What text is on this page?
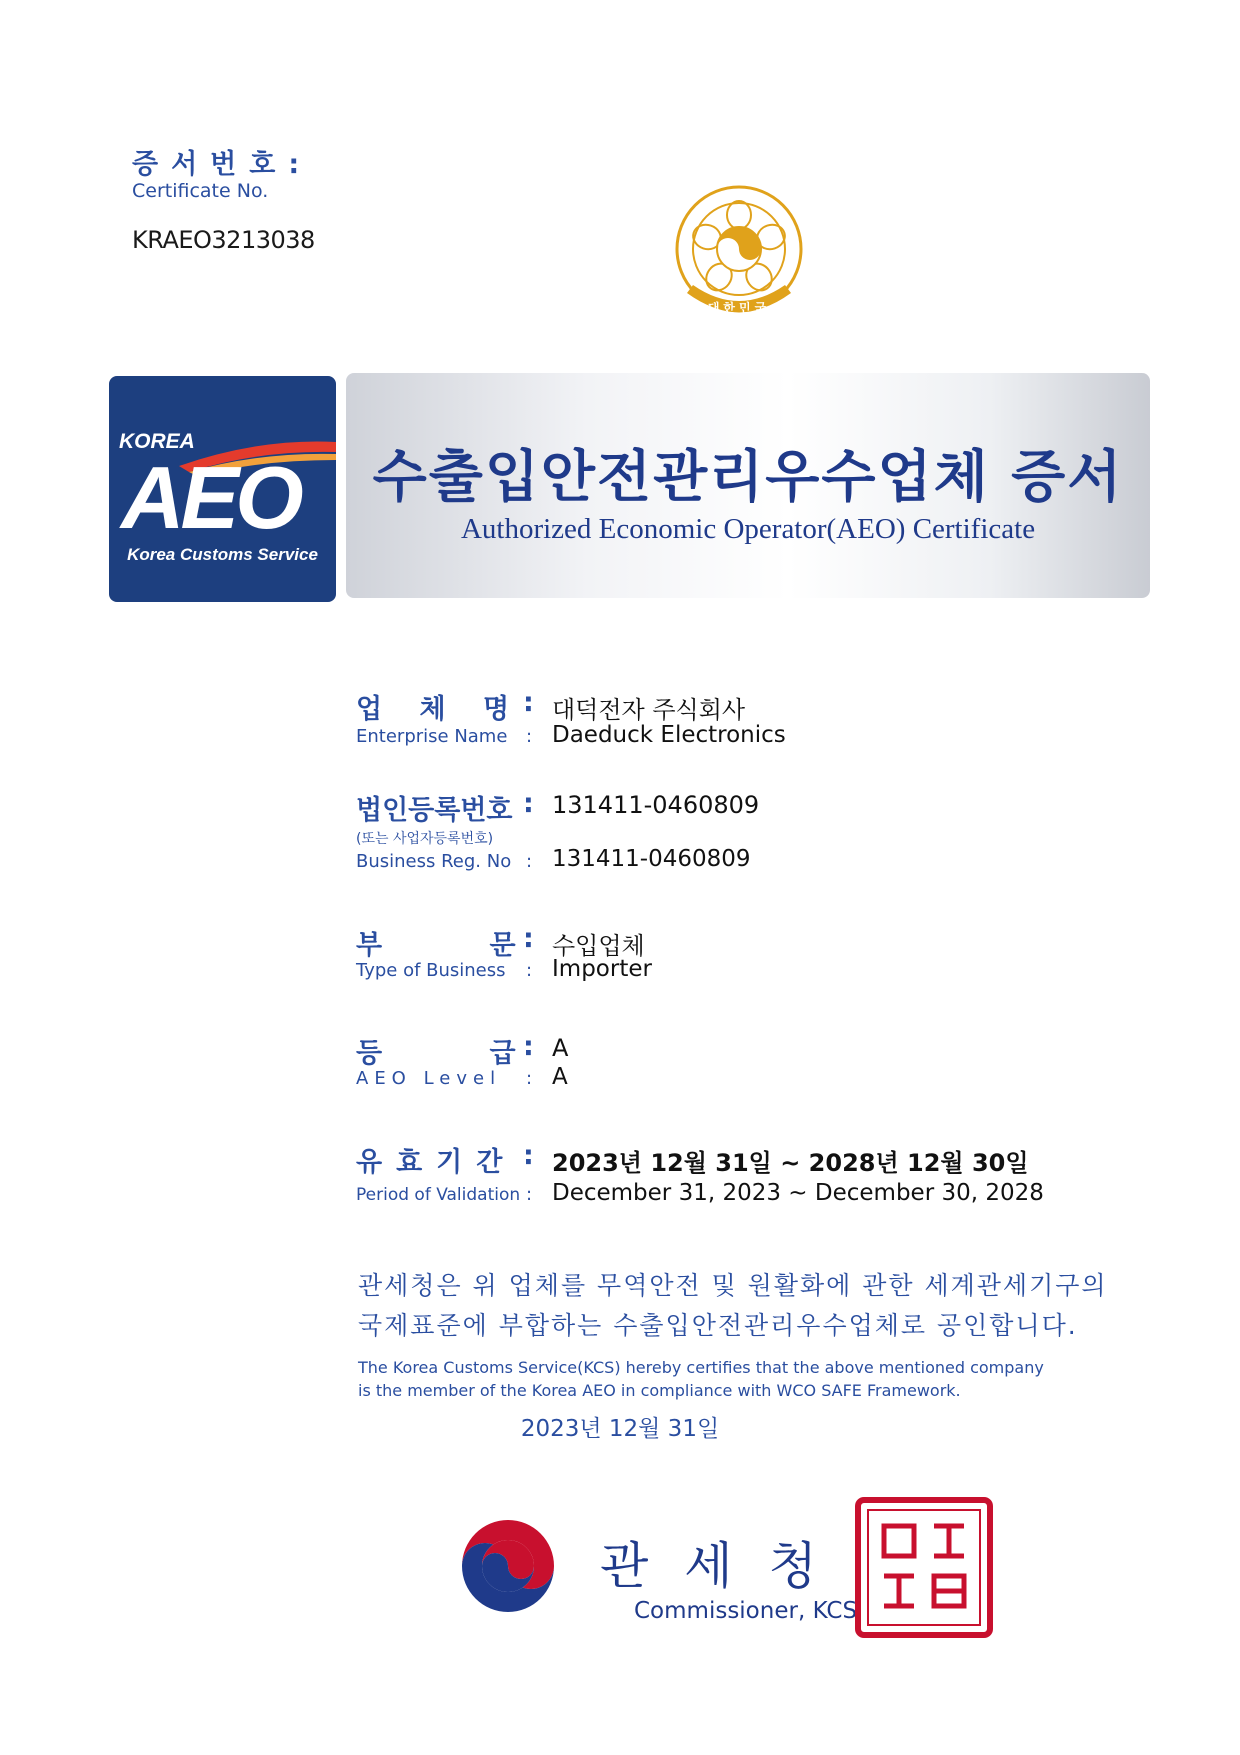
증서번호:
Certificate No.
KRAEO3213038
대한민국
KOREA
AEO
Korea Customs Service
수출입안전관리우수업체 증서
Authorized Economic Operator(AEO) Certificate
업 체 명 : 대덕전자 주식회사
Enterprise Name : Daeduck Electronics
법인등록번호 : 131411-0460809
(또는 사업자등록번호)
Business Reg. No : 131411-0460809
부 문 : 수입업체
Type of Business : Importer
등 급 : A
AEO Level : A
유효기간 : 2023년 12월 31일 ~ 2028년 12월 30일
Period of Validation : December 31, 2023 ~ December 30, 2028
관세청은 위 업체를 무역안전 및 원활화에 관한 세계관세기구의
국제표준에 부합하는 수출입안전관리우수업체로 공인합니다.
The Korea Customs Service(KCS) hereby certifies that the above mentioned company
is the member of the Korea AEO in compliance with WCO SAFE Framework.
2023년 12월 31일
관세청
Commissioner, KCS
